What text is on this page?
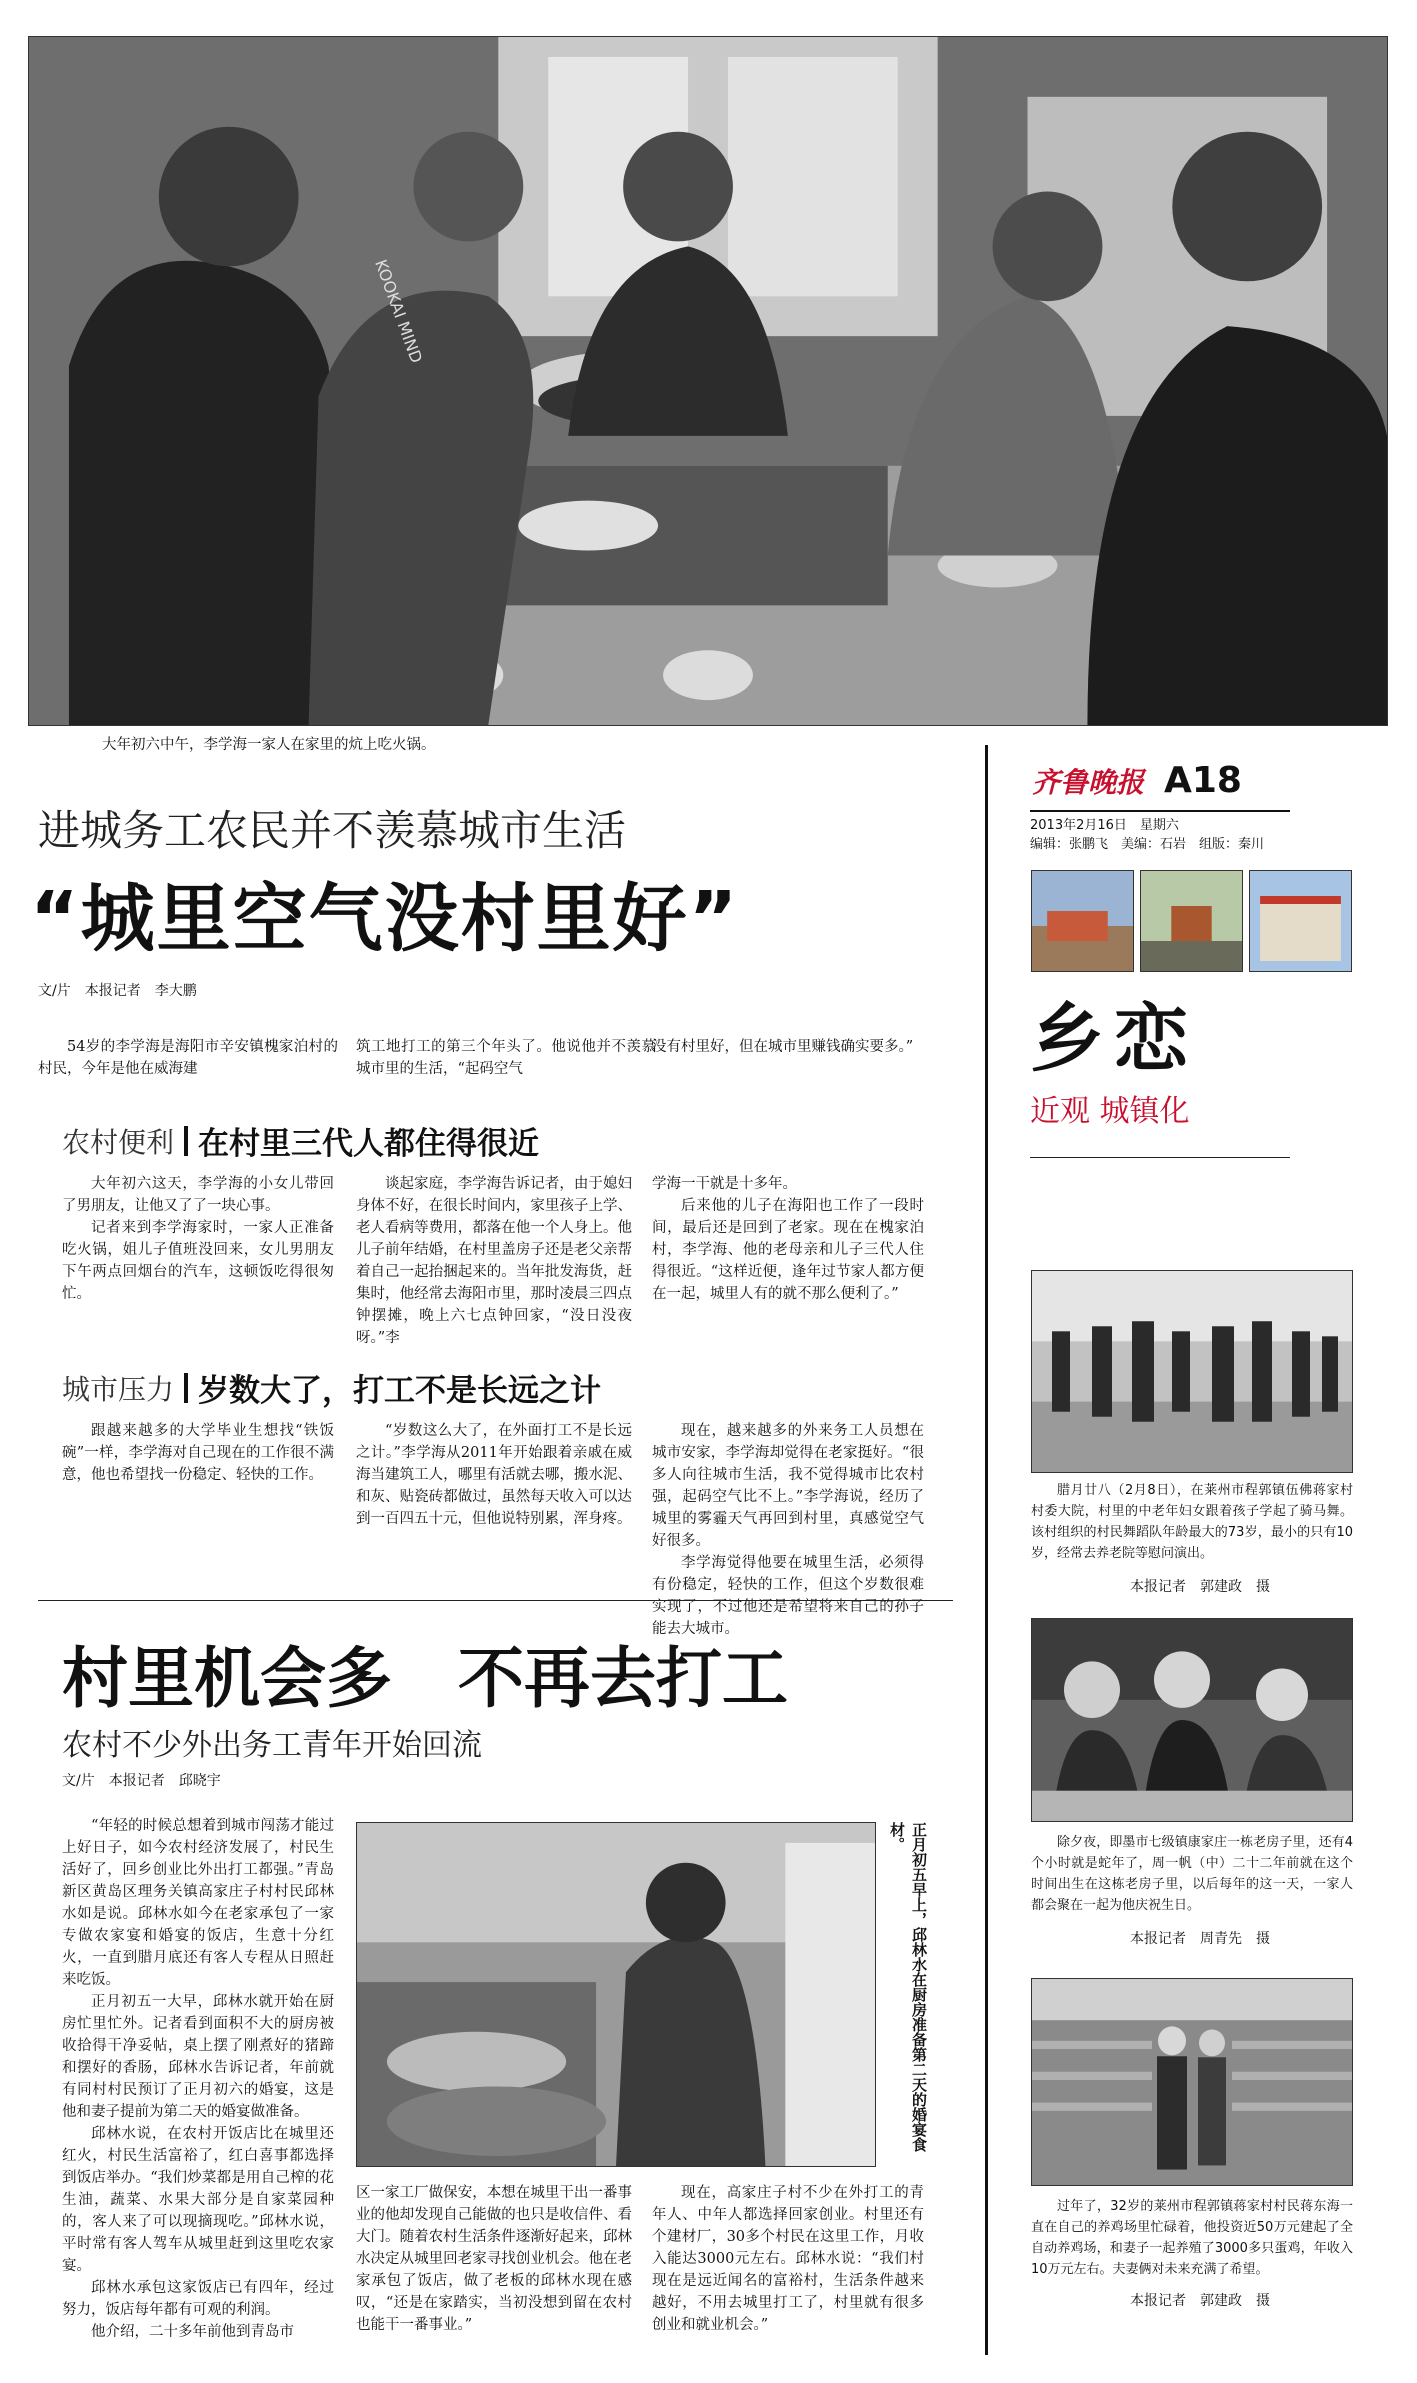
KOOKAI MIND
大年初六中午，李学海一家人在家里的炕上吃火锅。
齐鲁晚报 A18
2013年2月16日　星期六
编辑：张鹏飞　美编：石岩　组版：秦川
乡恋
近观 城镇化
进城务工农民并不羡慕城市生活
“城里空气没村里好”
文/片　本报记者　李大鹏
54岁的李学海是海阳市辛安镇槐家泊村的村民，今年是他在威海建
筑工地打工的第三个年头了。他说他并不羡慕城市里的生活，“起码空气
没有村里好，但在城市里赚钱确实要多。”
农村便利 在村里三代人都住得很近

大年初六这天，李学海的小女儿带回了男朋友，让他又了了一块心事。

记者来到李学海家时，一家人正准备吃火锅，姐儿子值班没回来，女儿男朋友下午两点回烟台的汽车，这顿饭吃得很匆忙。

谈起家庭，李学海告诉记者，由于媳妇身体不好，在很长时间内，家里孩子上学、老人看病等费用，都落在他一个人身上。他儿子前年结婚，在村里盖房子还是老父亲帮着自己一起抬捆起来的。当年批发海货，赶集时，他经常去海阳市里，那时凌晨三四点钟摆摊，晚上六七点钟回家，“没日没夜呀。”李

学海一干就是十多年。

后来他的儿子在海阳也工作了一段时间，最后还是回到了老家。现在在槐家泊村，李学海、他的老母亲和儿子三代人住得很近。“这样近便，逢年过节家人都方便在一起，城里人有的就不那么便利了。”

城市压力 岁数大了，打工不是长远之计

跟越来越多的大学毕业生想找“铁饭碗”一样，李学海对自己现在的工作很不满意，他也希望找一份稳定、轻快的工作。

“岁数这么大了，在外面打工不是长远之计。”李学海从2011年开始跟着亲戚在威海当建筑工人，哪里有活就去哪，搬水泥、和灰、贴瓷砖都做过，虽然每天收入可以达到一百四五十元，但他说特别累，浑身疼。

现在，越来越多的外来务工人员想在城市安家，李学海却觉得在老家挺好。“很多人向往城市生活，我不觉得城市比农村强，起码空气比不上。”李学海说，经历了城里的雾霾天气再回到村里，真感觉空气好很多。

李学海觉得他要在城里生活，必须得有份稳定，轻快的工作，但这个岁数很难实现了，不过他还是希望将来自己的孙子能去大城市。

村里机会多　不再去打工
农村不少外出务工青年开始回流
文/片　本报记者　邱晓宇

“年轻的时候总想着到城市闯荡才能过上好日子，如今农村经济发展了，村民生活好了，回乡创业比外出打工都强。”青岛新区黄岛区理务关镇高家庄子村村民邱林水如是说。邱林水如今在老家承包了一家专做农家宴和婚宴的饭店，生意十分红火，一直到腊月底还有客人专程从日照赶来吃饭。

正月初五一大早，邱林水就开始在厨房忙里忙外。记者看到面积不大的厨房被收拾得干净妥帖，桌上摆了刚煮好的猪蹄和摆好的香肠，邱林水告诉记者，年前就有同村村民预订了正月初六的婚宴，这是他和妻子提前为第二天的婚宴做准备。

邱林水说，在农村开饭店比在城里还红火，村民生活富裕了，红白喜事都选择到饭店举办。“我们炒菜都是用自己榨的花生油，蔬菜、水果大部分是自家菜园种的，客人来了可以现摘现吃。”邱林水说，平时常有客人驾车从城里赶到这里吃农家宴。

邱林水承包这家饭店已有四年，经过努力，饭店每年都有可观的利润。

他介绍，二十多年前他到青岛市

正月初五早上，邱林水在厨房准备第二天的婚宴食材。
区一家工厂做保安，本想在城里干出一番事业的他却发现自己能做的也只是收信件、看大门。随着农村生活条件逐渐好起来，邱林水决定从城里回老家寻找创业机会。他在老家承包了饭店，做了老板的邱林水现在感叹，“还是在家踏实，当初没想到留在农村也能干一番事业。”
现在，高家庄子村不少在外打工的青年人、中年人都选择回家创业。村里还有个建材厂，30多个村民在这里工作，月收入能达3000元左右。邱林水说：“我们村现在是远近闻名的富裕村，生活条件越来越好，不用去城里打工了，村里就有很多创业和就业机会。”
腊月廿八（2月8日），在莱州市程郭镇伍佛蒋家村村委大院，村里的中老年妇女跟着孩子学起了骑马舞。该村组织的村民舞蹈队年龄最大的73岁，最小的只有10岁，经常去养老院等慰问演出。
本报记者　郭建政　摄
除夕夜，即墨市七级镇康家庄一栋老房子里，还有4个小时就是蛇年了，周一帆（中）二十二年前就在这个时间出生在这栋老房子里，以后每年的这一天，一家人都会聚在一起为他庆祝生日。
本报记者　周青先　摄
过年了，32岁的莱州市程郭镇蒋家村村民蒋东海一直在自己的养鸡场里忙碌着，他投资近50万元建起了全自动养鸡场，和妻子一起养殖了3000多只蛋鸡，年收入10万元左右。夫妻俩对未来充满了希望。
本报记者　郭建政　摄
